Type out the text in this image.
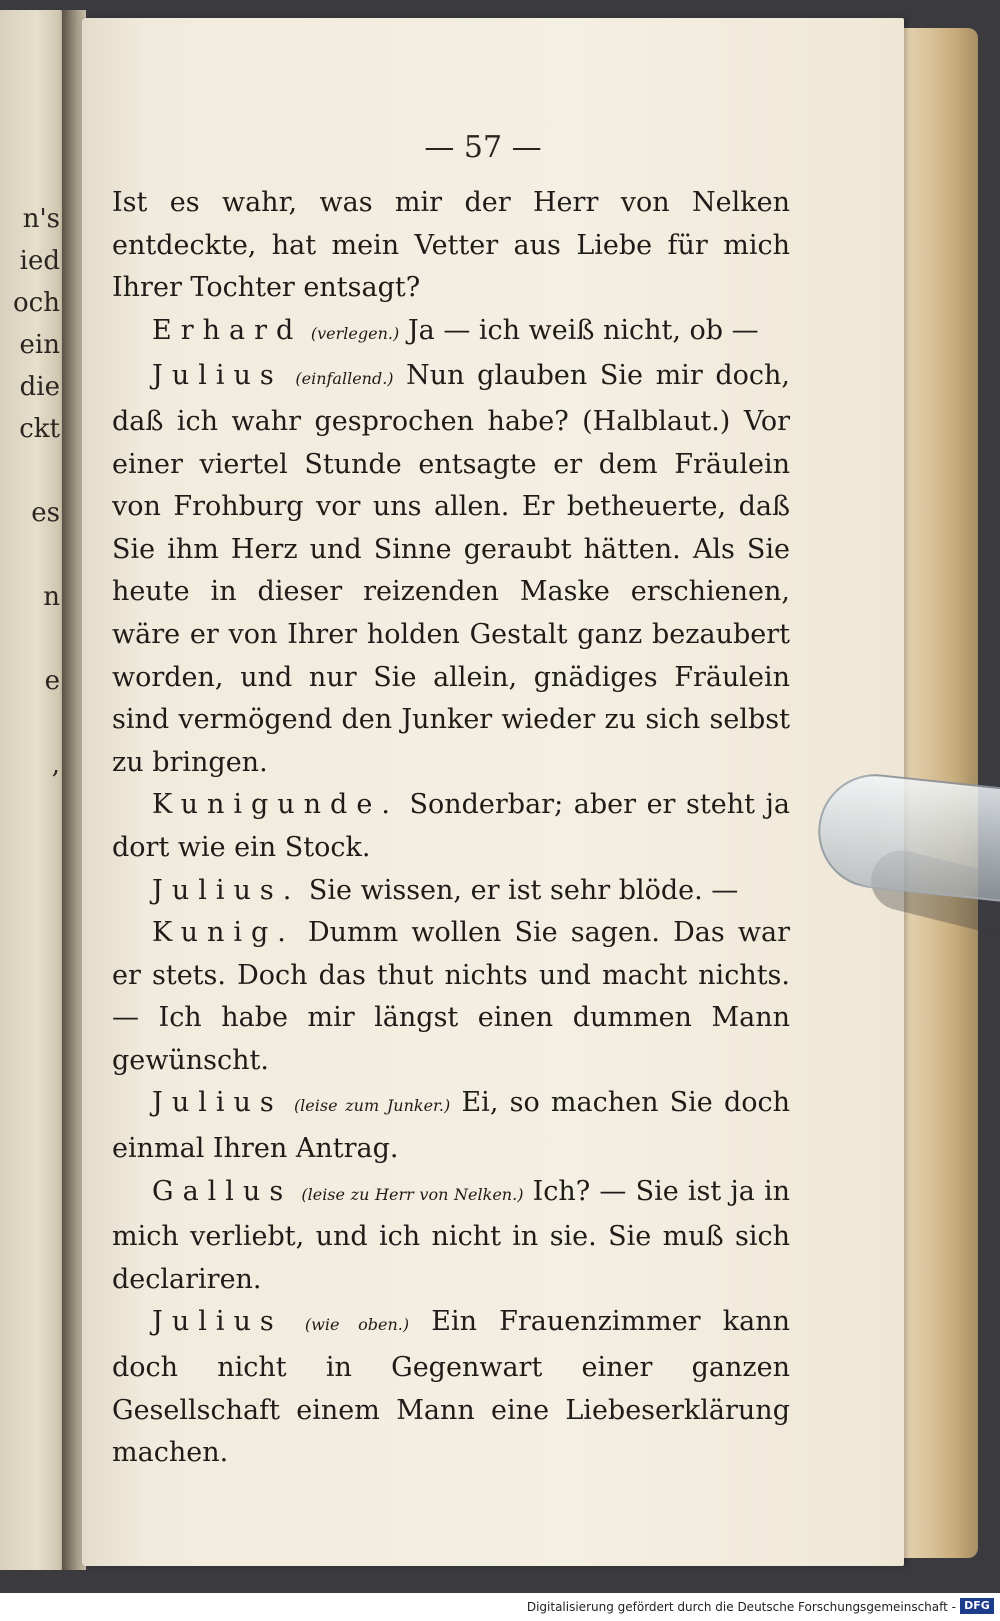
n's
ied
och
ein
die
ckt
es
n
e
,
— 57 —

Ist es wahr, was mir der Herr von Nelken entdeckte, hat mein Vetter aus Liebe für mich Ihrer Tochter entsagt?

Erhard (verlegen.) Ja — ich weiß nicht, ob —

Julius (einfallend.) Nun glauben Sie mir doch, daß ich wahr gesprochen habe? (Halblaut.) Vor einer viertel Stunde entsagte er dem Fräulein von Frohburg vor uns allen. Er betheuerte, daß Sie ihm Herz und Sinne geraubt hätten. Als Sie heute in dieser reizenden Maske erschienen, wäre er von Ihrer holden Gestalt ganz bezaubert worden, und nur Sie allein, gnädiges Fräulein sind vermögend den Junker wieder zu sich selbst zu bringen.

Kunigunde. Sonderbar; aber er steht ja dort wie ein Stock.

Julius. Sie wissen, er ist sehr blöde. —

Kunig. Dumm wollen Sie sagen. Das war er stets. Doch das thut nichts und macht nichts. — Ich habe mir längst einen dummen Mann gewünscht.

Julius (leise zum Junker.) Ei, so machen Sie doch einmal Ihren Antrag.

Gallus (leise zu Herr von Nelken.) Ich? — Sie ist ja in mich verliebt, und ich nicht in sie. Sie muß sich declariren.

Julius (wie oben.) Ein Frauenzimmer kann doch nicht in Gegenwart einer ganzen Gesellschaft einem Mann eine Liebeserklärung machen.

Digitalisierung gefördert durch die Deutsche Forschungsgemeinschaft - DFG
